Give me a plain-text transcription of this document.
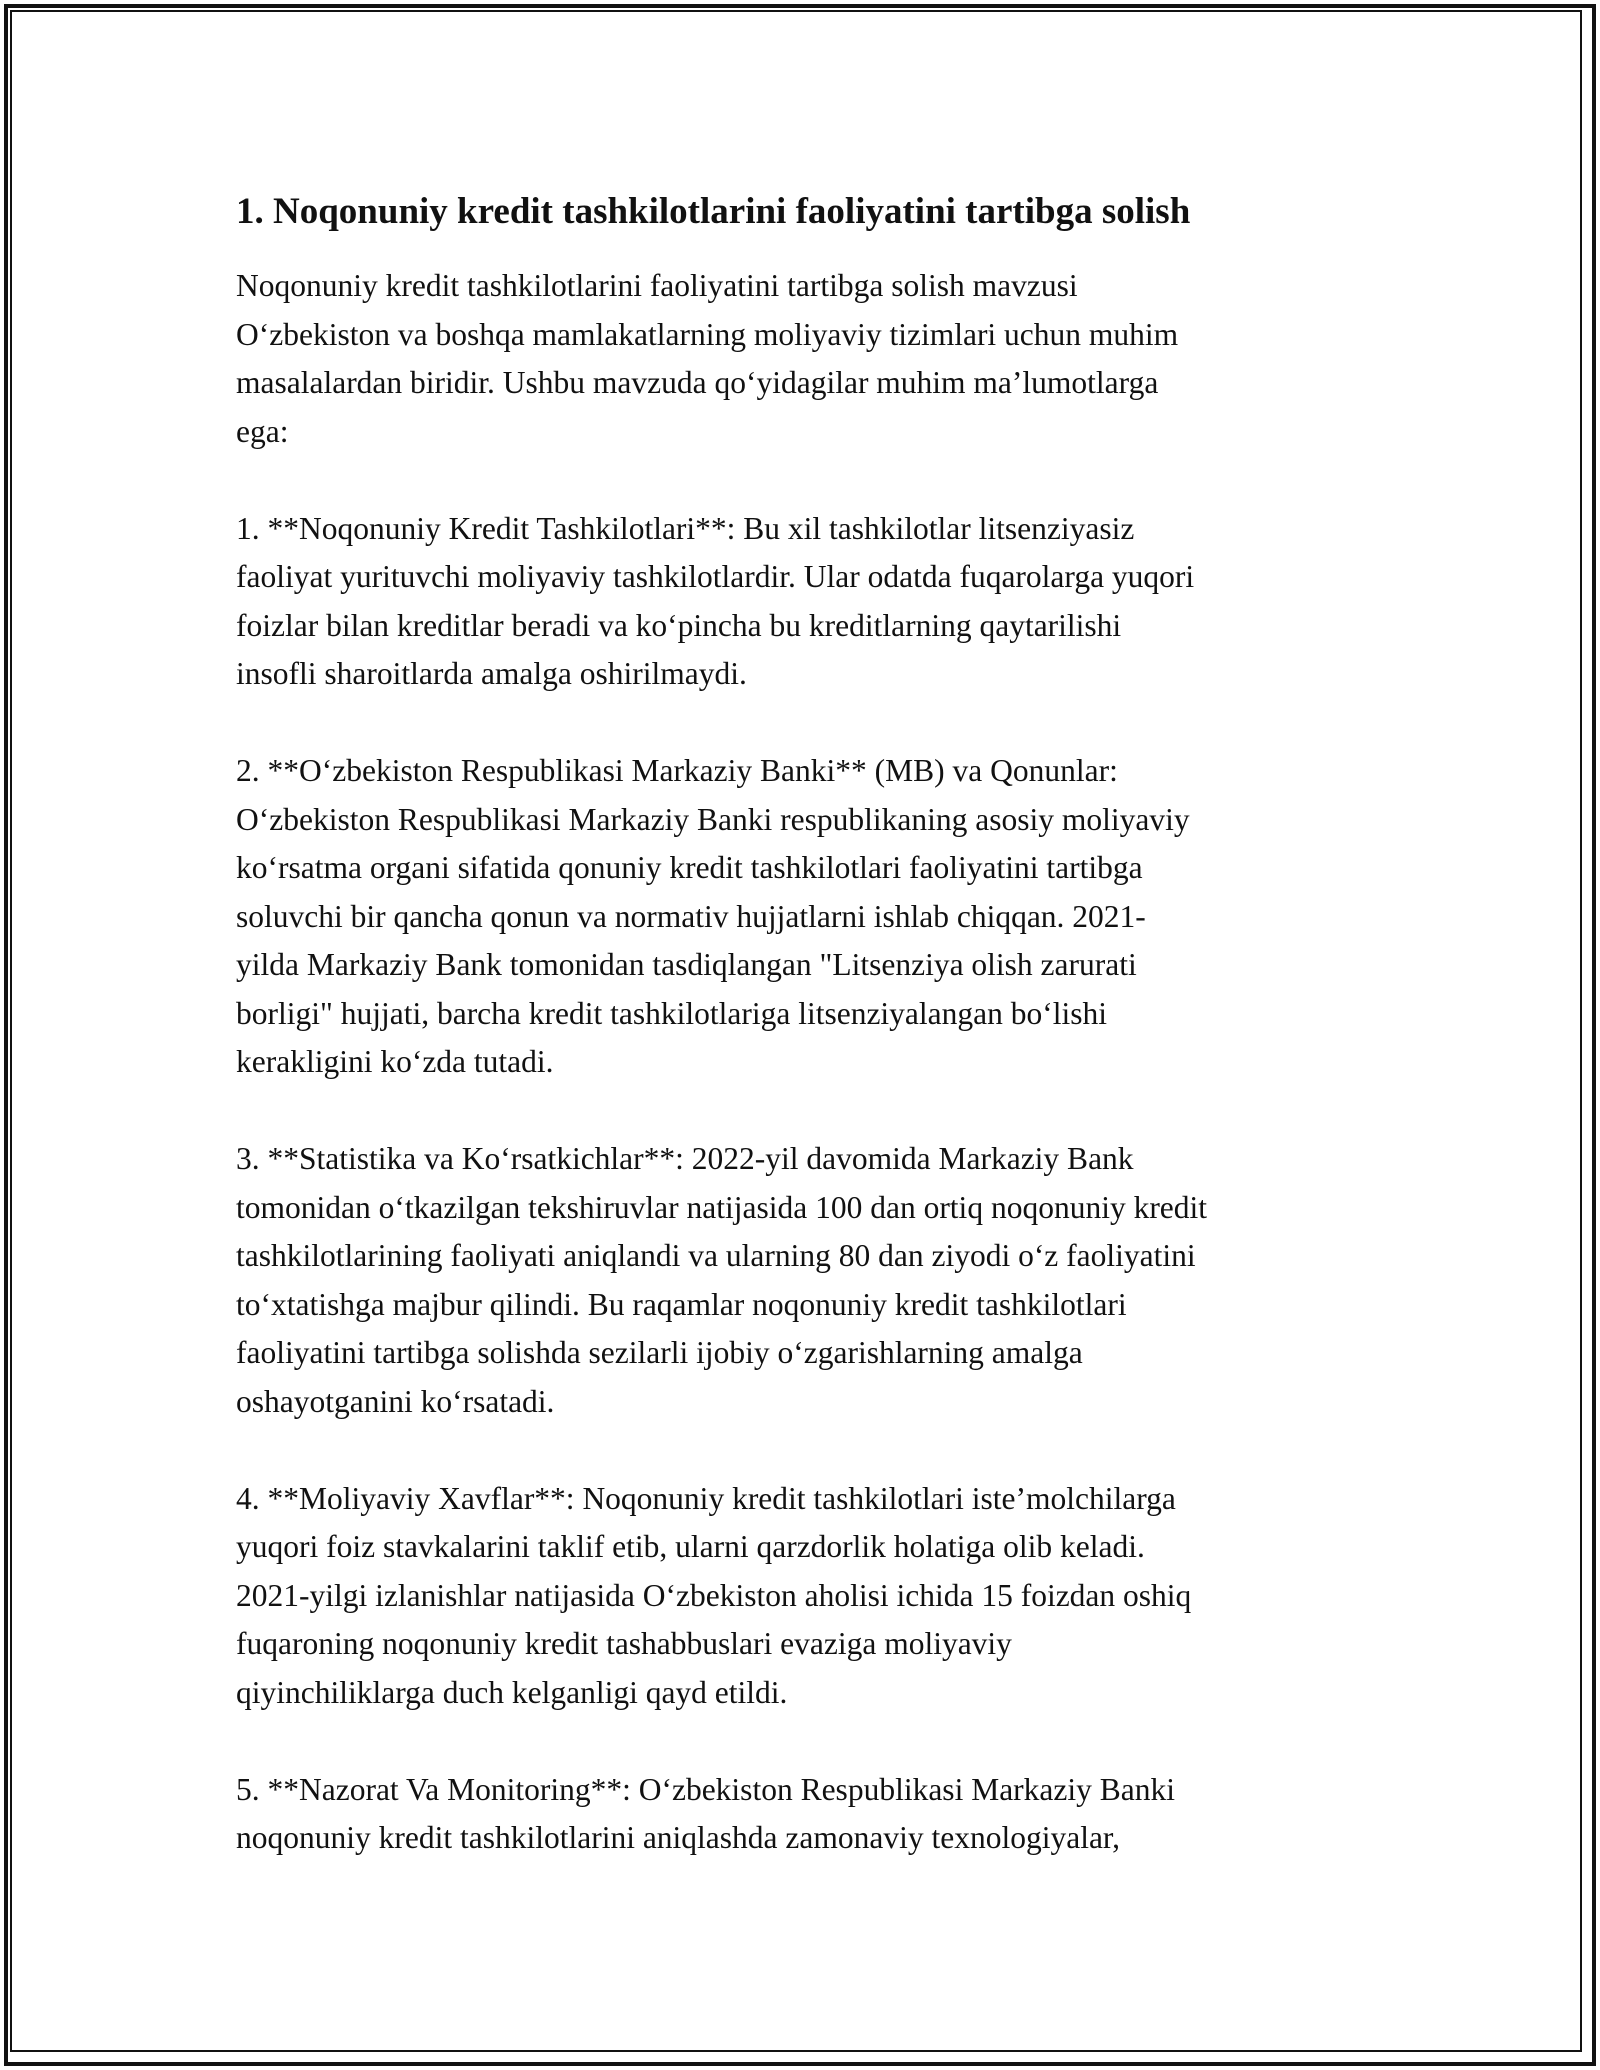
1. Noqonuniy kredit tashkilotlarini faoliyatini tartibga solish

Noqonuniy kredit tashkilotlarini faoliyatini tartibga solish mavzusi
O‘zbekiston va boshqa mamlakatlarning moliyaviy tizimlari uchun muhim
masalalardan biridir. Ushbu mavzuda qo‘yidagilar muhim ma’lumotlarga
ega:

1. **Noqonuniy Kredit Tashkilotlari**: Bu xil tashkilotlar litsenziyasiz
faoliyat yurituvchi moliyaviy tashkilotlardir. Ular odatda fuqarolarga yuqori
foizlar bilan kreditlar beradi va ko‘pincha bu kreditlarning qaytarilishi
insofli sharoitlarda amalga oshirilmaydi.

2. **O‘zbekiston Respublikasi Markaziy Banki** (MB) va Qonunlar:
O‘zbekiston Respublikasi Markaziy Banki respublikaning asosiy moliyaviy
ko‘rsatma organi sifatida qonuniy kredit tashkilotlari faoliyatini tartibga
soluvchi bir qancha qonun va normativ hujjatlarni ishlab chiqqan. 2021-
yilda Markaziy Bank tomonidan tasdiqlangan "Litsenziya olish zarurati
borligi" hujjati, barcha kredit tashkilotlariga litsenziyalangan bo‘lishi
kerakligini ko‘zda tutadi.

3. **Statistika va Ko‘rsatkichlar**: 2022-yil davomida Markaziy Bank
tomonidan o‘tkazilgan tekshiruvlar natijasida 100 dan ortiq noqonuniy kredit
tashkilotlarining faoliyati aniqlandi va ularning 80 dan ziyodi o‘z faoliyatini
to‘xtatishga majbur qilindi. Bu raqamlar noqonuniy kredit tashkilotlari
faoliyatini tartibga solishda sezilarli ijobiy o‘zgarishlarning amalga
oshayotganini ko‘rsatadi.

4. **Moliyaviy Xavflar**: Noqonuniy kredit tashkilotlari iste’molchilarga
yuqori foiz stavkalarini taklif etib, ularni qarzdorlik holatiga olib keladi.
2021-yilgi izlanishlar natijasida O‘zbekiston aholisi ichida 15 foizdan oshiq
fuqaroning noqonuniy kredit tashabbuslari evaziga moliyaviy
qiyinchiliklarga duch kelganligi qayd etildi.

5. **Nazorat Va Monitoring**: O‘zbekiston Respublikasi Markaziy Banki
noqonuniy kredit tashkilotlarini aniqlashda zamonaviy texnologiyalar,
